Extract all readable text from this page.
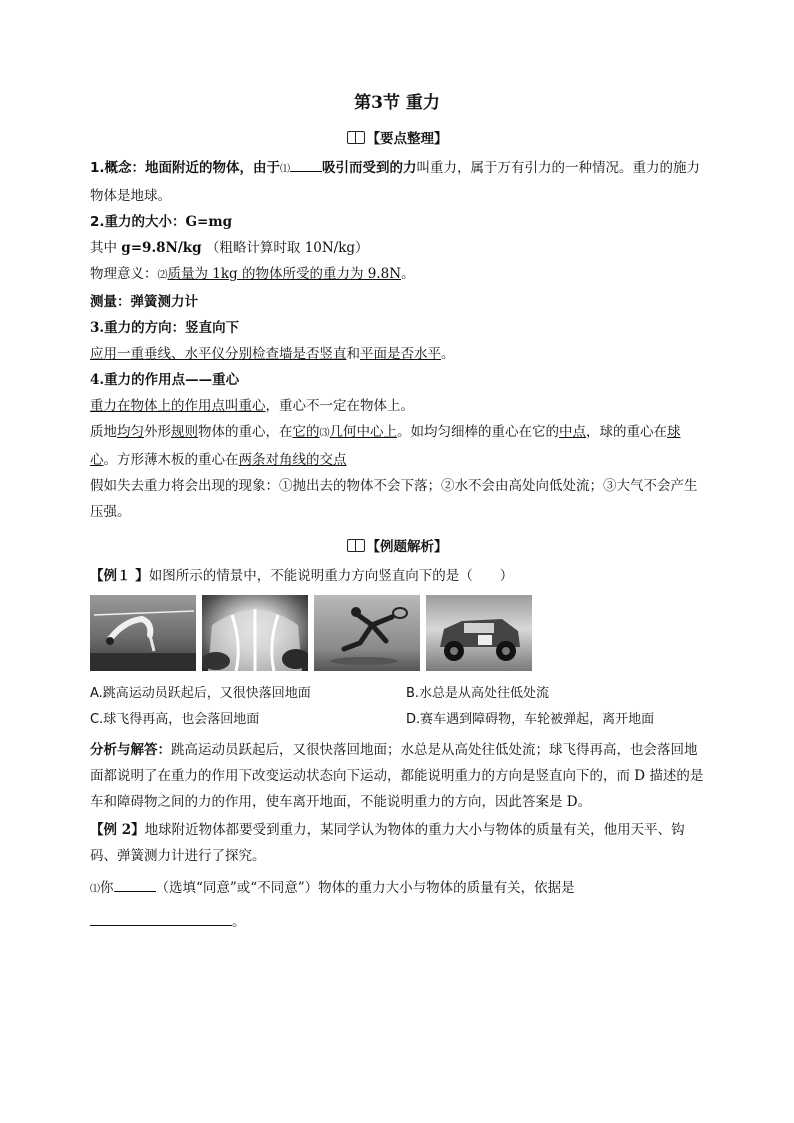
第3节 重力
【要点整理】

1.概念：地面附近的物体，由于⑴ 吸引而受到的力叫重力，属于万有引力的一种情况。重力的施力物体是地球。

2.重力的大小：G=mg

其中 g=9.8N/kg （粗略计算时取 10N/kg）

物理意义：⑵质量为 1kg 的物体所受的重力为 9.8N。

测量：弹簧测力计

3.重力的方向：竖直向下

应用一重垂线、水平仪分别检查墙是否竖直和平面是否水平。

4.重力的作用点——重心

重力在物体上的作用点叫重心，重心不一定在物体上。

质地均匀外形规则物体的重心，在它的⑶几何中心上。如均匀细棒的重心在它的中点，球的重心在球心。方形薄木板的重心在两条对角线的交点

假如失去重力将会出现的现象：①抛出去的物体不会下落；②水不会由高处向低处流；③大气不会产生压强。

【例题解析】

【例１ 】如图所示的情景中，不能说明重力方向竖直向下的是（　　）

A.跳高运动员跃起后，又很快落回地面	B.水总是从高处往低处流

C.球飞得再高，也会落回地面	D.赛车遇到障碍物，车轮被弹起，离开地面

分析与解答：跳高运动员跃起后，又很快落回地面；水总是从高处往低处流；球飞得再高，也会落回地面都说明了在重力的作用下改变运动状态向下运动，都能说明重力的方向是竖直向下的，而 D 描述的是车和障碍物之间的力的作用，使车离开地面，不能说明重力的方向，因此答案是 D。

【例 2】地球附近物体都要受到重力，某同学认为物体的重力大小与物体的质量有关，他用天平、钩码、弹簧测力计进行了探究。

⑴你	（选填“同意”或“不同意”）物体的重力大小与物体的质量有关，依据是

。
